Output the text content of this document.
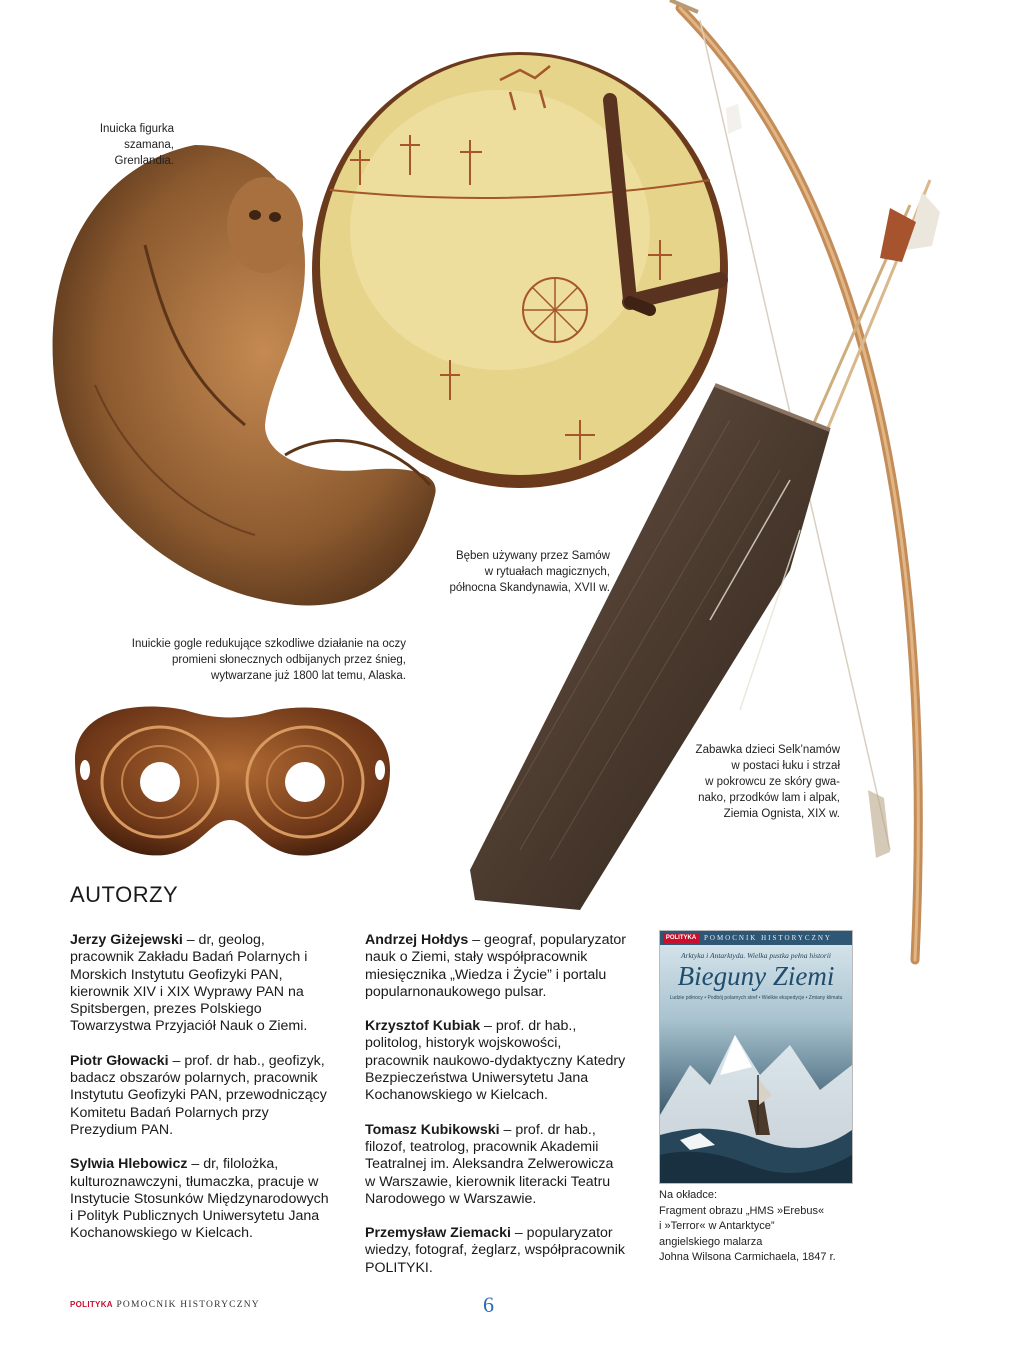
Inuicka figurka
szamana,
Grenlandia.
Bęben używany przez Samów
w rytuałach magicznych,
północna Skandynawia, XVII w.
Inuickie gogle redukujące szkodliwe działanie na oczy
promieni słonecznych odbijanych przez śnieg,
wytwarzane już 1800 lat temu, Alaska.
Zabawka dzieci Selk’namów
w postaci łuku i strzał
w pokrowcu ze skóry gwa-
nako, przodków lam i alpak,
Ziemia Ognista, XIX w.
AUTORZY

Jerzy Giżejewski – dr, geolog, pracownik Zakładu Badań Polarnych i Morskich Instytutu Geofizyki PAN, kierownik XIV i XIX Wyprawy PAN na Spitsbergen, prezes Polskiego Towarzystwa Przyjaciół Nauk o Ziemi.

Piotr Głowacki – prof. dr hab., geofizyk, badacz obszarów polarnych, pracownik Instytutu Geofizyki PAN, przewodniczący Komitetu Badań Polarnych przy Prezydium PAN.

Sylwia Hlebowicz – dr, filolożka, kulturoznawczyni, tłumaczka, pracuje w Instytucie Stosunków Międzynarodowych i Polityk Publicznych Uniwersytetu Jana Kochanowskiego w Kielcach.

Andrzej Hołdys – geograf, popularyzator nauk o Ziemi, stały współpracownik miesięcznika „Wiedza i Życie” i portalu popularnonaukowego pulsar.

Krzysztof Kubiak – prof. dr hab., politolog, historyk wojskowości, pracownik naukowo-dydaktyczny Katedry Bezpieczeństwa Uniwersytetu Jana Kochanowskiego w Kielcach.

Tomasz Kubikowski – prof. dr hab., filozof, teatrolog, pracownik Akademii Teatralnej im. Aleksandra Zelwerowicza w Warszawie, kierownik literacki Teatru Narodowego w Warszawie.

Przemysław Ziemacki – popularyzator wiedzy, fotograf, żeglarz, współpracownik POLITYKI.

POMOCNIK HISTORYCZNY
POLITYKA
Arktyka i Antarktyda. Wielka pustka pełna historii
Bieguny Ziemi
Ludzie północy • Podbój polarnych stref • Wielkie ekspedycje • Zmiany klimatu
Na okładce:
Fragment obrazu „HMS »Erebus«
i »Terror« w Antarktyce”
angielskiego malarza
Johna Wilsona Carmichaela, 1847 r.
POLITYKA POMOCNIK HISTORYCZNY	6
